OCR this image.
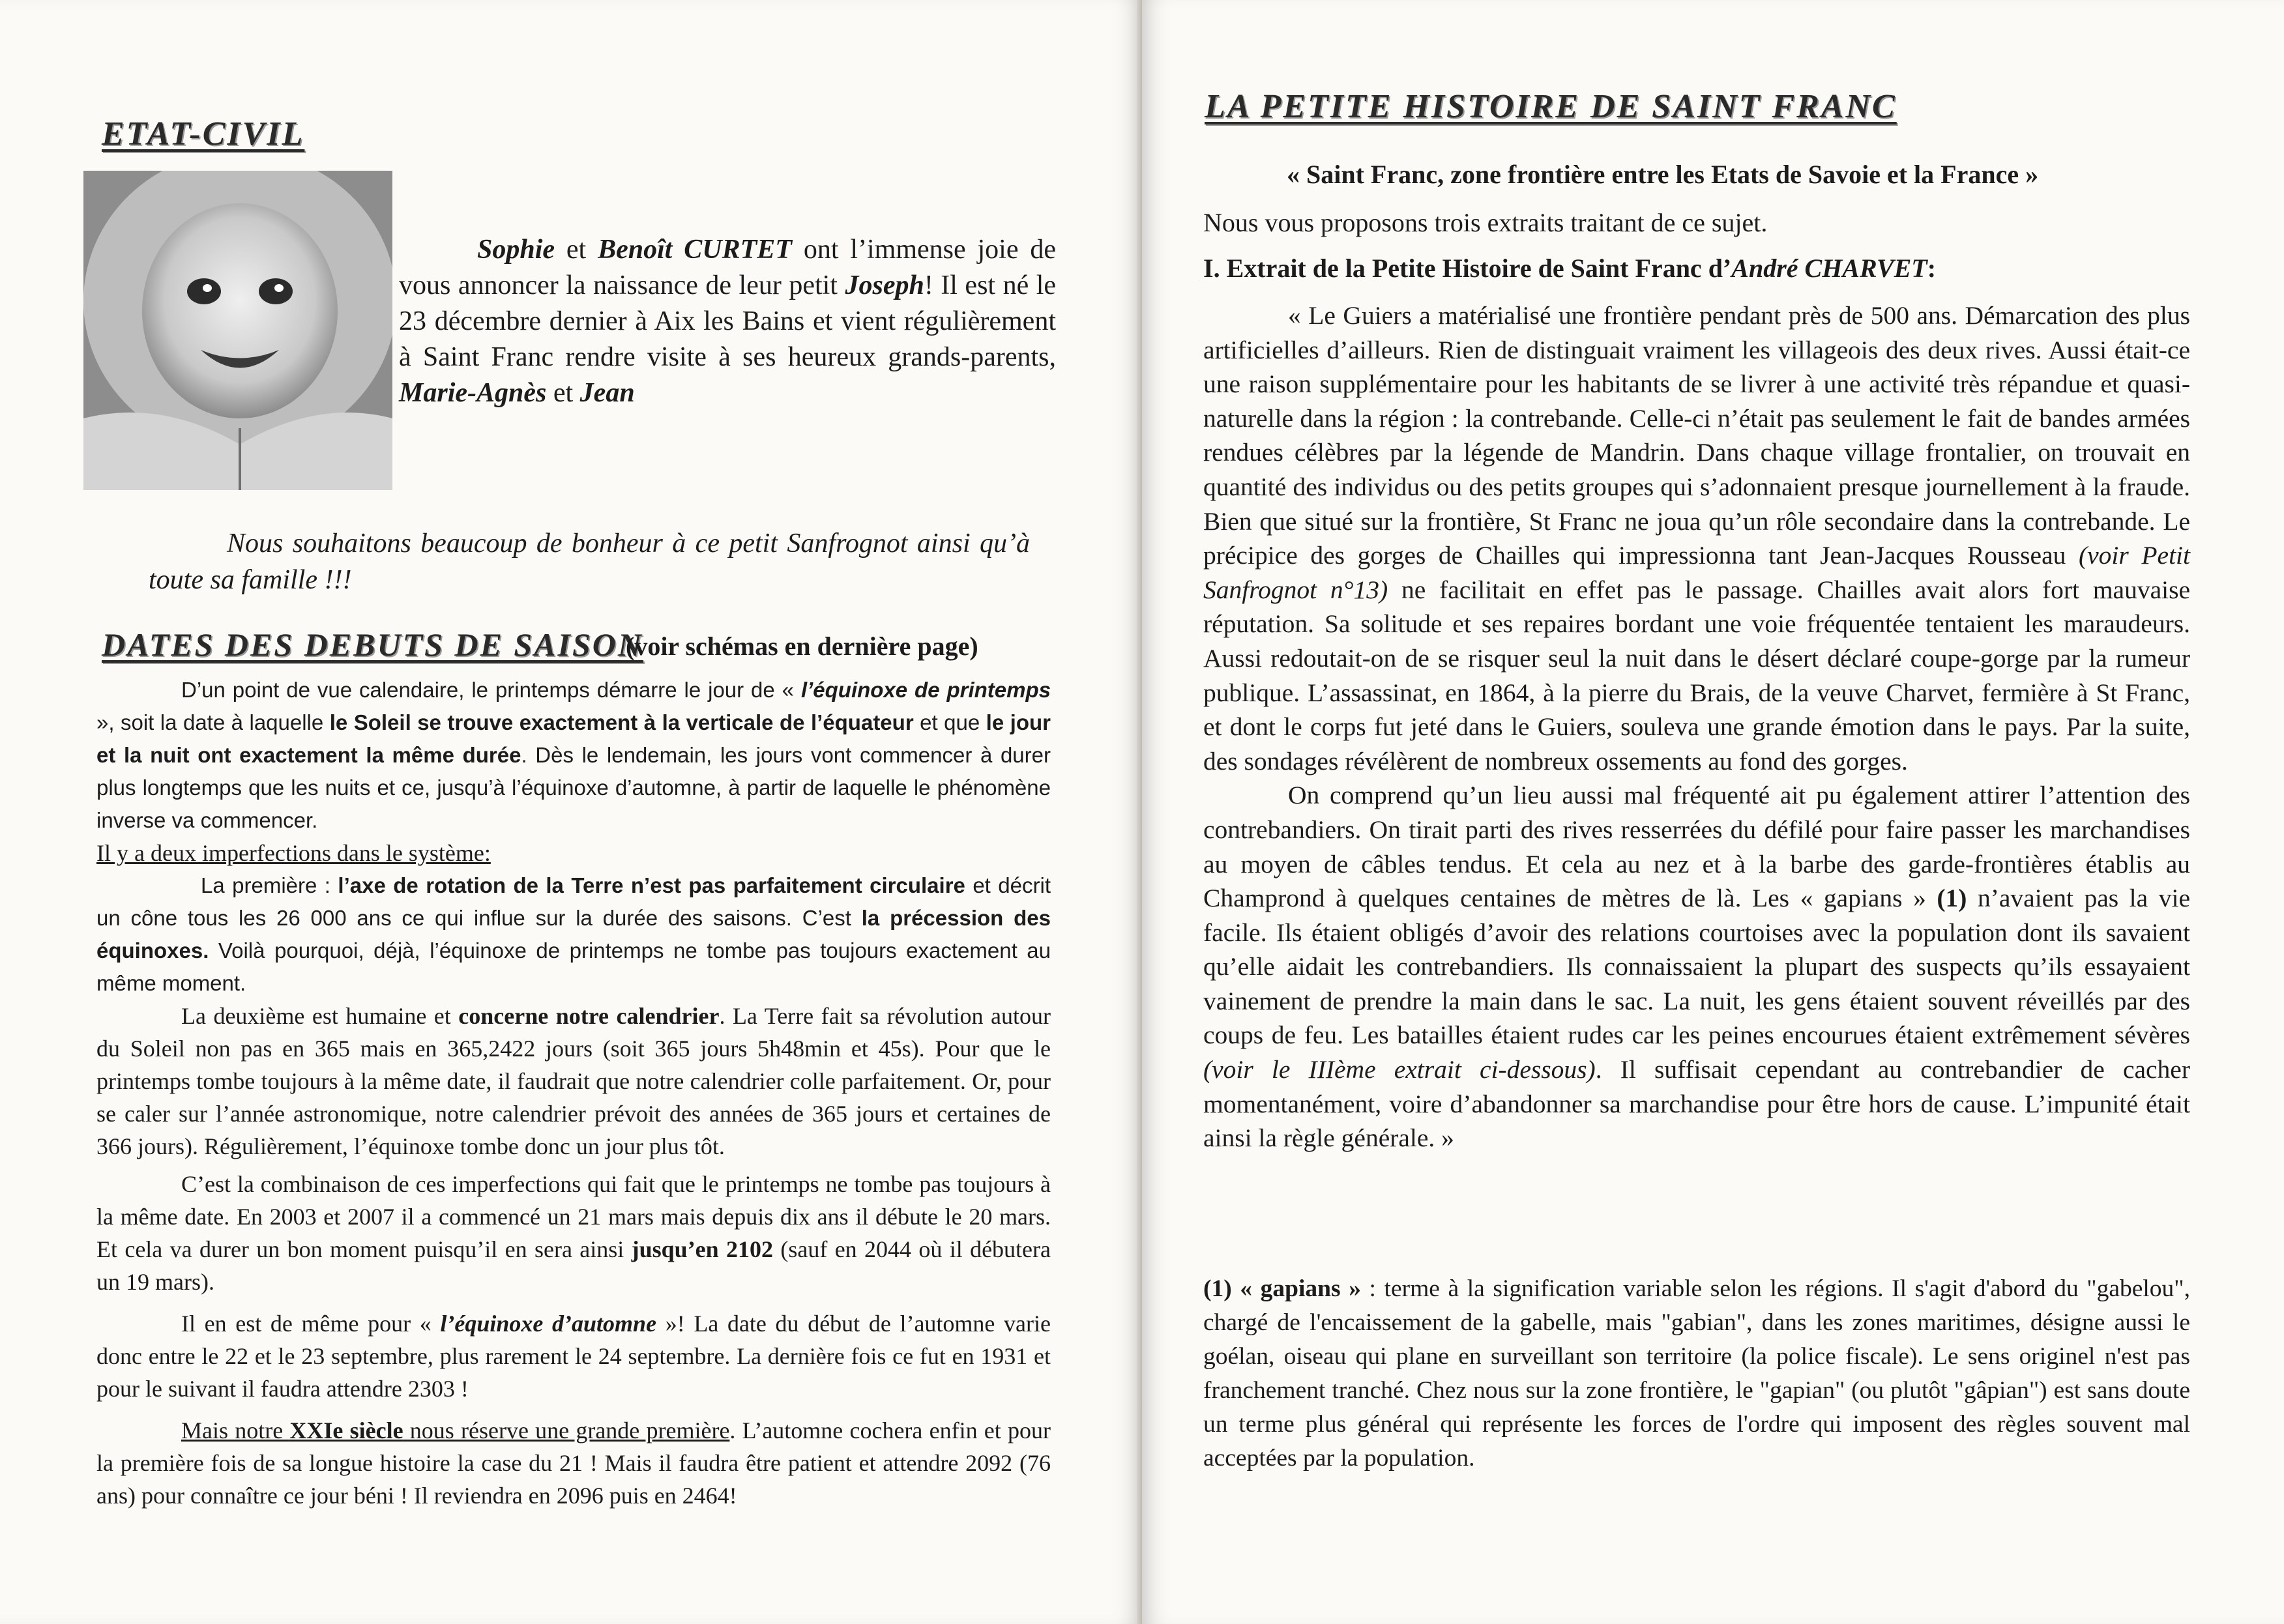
ETAT-CIVIL
Sophie et Benoît CURTET ont l’immense joie de vous annoncer la naissance de leur petit Joseph! Il est né le 23 décembre dernier à Aix les Bains et vient régulièrement à Saint Franc rendre visite à ses heureux grands-parents, Marie-Agnès et Jean
Nous souhaitons beaucoup de bonheur à ce petit Sanfrognot ainsi qu’à toute sa famille !!!
DATES DES DEBUTS DE SAISON
(voir schémas en dernière page)

D’un point de vue calendaire, le printemps démarre le jour de « l’équinoxe de printemps », soit la date à laquelle le Soleil se trouve exactement à la verticale de l’équateur et que le jour et la nuit ont exactement la même durée. Dès le lendemain, les jours vont commencer à durer plus longtemps que les nuits et ce, jusqu’à l’équinoxe d’automne, à partir de laquelle le phénomène inverse va commencer.

Il y a deux imperfections dans le système:

La première : l’axe de rotation de la Terre n’est pas parfaitement circulaire et décrit un cône tous les 26 000 ans ce qui influe sur la durée des saisons. C’est la précession des équinoxes. Voilà pourquoi, déjà, l’équinoxe de printemps ne tombe pas toujours exactement au même moment.

La deuxième est humaine et concerne notre calendrier. La Terre fait sa révolution autour du Soleil non pas en 365 mais en 365,2422 jours (soit 365 jours 5h48min et 45s). Pour que le printemps tombe toujours à la même date, il faudrait que notre calendrier colle parfaitement. Or, pour se caler sur l’année astronomique, notre calendrier prévoit des années de 365 jours et certaines de 366 jours). Régulièrement, l’équinoxe tombe donc un jour plus tôt.

C’est la combinaison de ces imperfections qui fait que le printemps ne tombe pas toujours à la même date. En 2003 et 2007 il a commencé un 21 mars mais depuis dix ans il débute le 20 mars. Et cela va durer un bon moment puisqu’il en sera ainsi jusqu’en 2102 (sauf en 2044 où il débutera un 19 mars).

Il en est de même pour « l’équinoxe d’automne »! La date du début de l’automne varie donc entre le 22 et le 23 septembre, plus rarement le 24 septembre. La dernière fois ce fut en 1931 et pour le suivant il faudra attendre 2303 !

Mais notre XXIe siècle nous réserve une grande première. L’automne cochera enfin et pour la première fois de sa longue histoire la case du 21 ! Mais il faudra être patient et attendre 2092 (76 ans) pour connaître ce jour béni ! Il reviendra en 2096 puis en 2464!

LA PETITE HISTOIRE DE SAINT FRANC
« Saint Franc, zone frontière entre les Etats de Savoie et la France »
Nous vous proposons trois extraits traitant de ce sujet.
I. Extrait de la Petite Histoire de Saint Franc d’André CHARVET:

« Le Guiers a matérialisé une frontière pendant près de 500 ans. Démarcation des plus artificielles d’ailleurs. Rien de distinguait vraiment les villageois des deux rives. Aussi était-ce une raison supplémentaire pour les habitants de se livrer à une activité très répandue et quasi-naturelle dans la région : la contrebande. Celle-ci n’était pas seulement le fait de bandes armées rendues célèbres par la légende de Mandrin. Dans chaque village frontalier, on trouvait en quantité des individus ou des petits groupes qui s’adonnaient presque journellement à la fraude. Bien que situé sur la frontière, St Franc ne joua qu’un rôle secondaire dans la contrebande. Le précipice des gorges de Chailles qui impressionna tant Jean-Jacques Rousseau (voir Petit Sanfrognot n°13) ne facilitait en effet pas le passage. Chailles avait alors fort mauvaise réputation. Sa solitude et ses repaires bordant une voie fréquentée tentaient les maraudeurs. Aussi redoutait-on de se risquer seul la nuit dans le désert déclaré coupe-gorge par la rumeur publique. L’assassinat, en 1864, à la pierre du Brais, de la veuve Charvet, fermière à St Franc, et dont le corps fut jeté dans le Guiers, souleva une grande émotion dans le pays. Par la suite, des sondages révélèrent de nombreux ossements au fond des gorges.

On comprend qu’un lieu aussi mal fréquenté ait pu également attirer l’attention des contrebandiers. On tirait parti des rives resserrées du défilé pour faire passer les marchandises au moyen de câbles tendus. Et cela au nez et à la barbe des garde-frontières établis au Champrond à quelques centaines de mètres de là. Les « gapians » (1) n’avaient pas la vie facile. Ils étaient obligés d’avoir des relations courtoises avec la population dont ils savaient qu’elle aidait les contrebandiers. Ils connaissaient la plupart des suspects qu’ils essayaient vainement de prendre la main dans le sac. La nuit, les gens étaient souvent réveillés par des coups de feu. Les batailles étaient rudes car les peines encourues étaient extrêmement sévères (voir le IIIème extrait ci-dessous). Il suffisait cependant au contrebandier de cacher momentanément, voire d’abandonner sa marchandise pour être hors de cause. L’impunité était ainsi la règle générale. »

(1) « gapians » : terme à la signification variable selon les régions. Il s'agit d'abord du "gabelou", chargé de l'encaissement de la gabelle, mais "gabian", dans les zones maritimes, désigne aussi le goélan, oiseau qui plane en surveillant son territoire (la police fiscale). Le sens originel n'est pas franchement tranché. Chez nous sur la zone frontière, le "gapian" (ou plutôt "gâpian") est sans doute un terme plus général qui représente les forces de l'ordre qui imposent des règles souvent mal acceptées par la population.
